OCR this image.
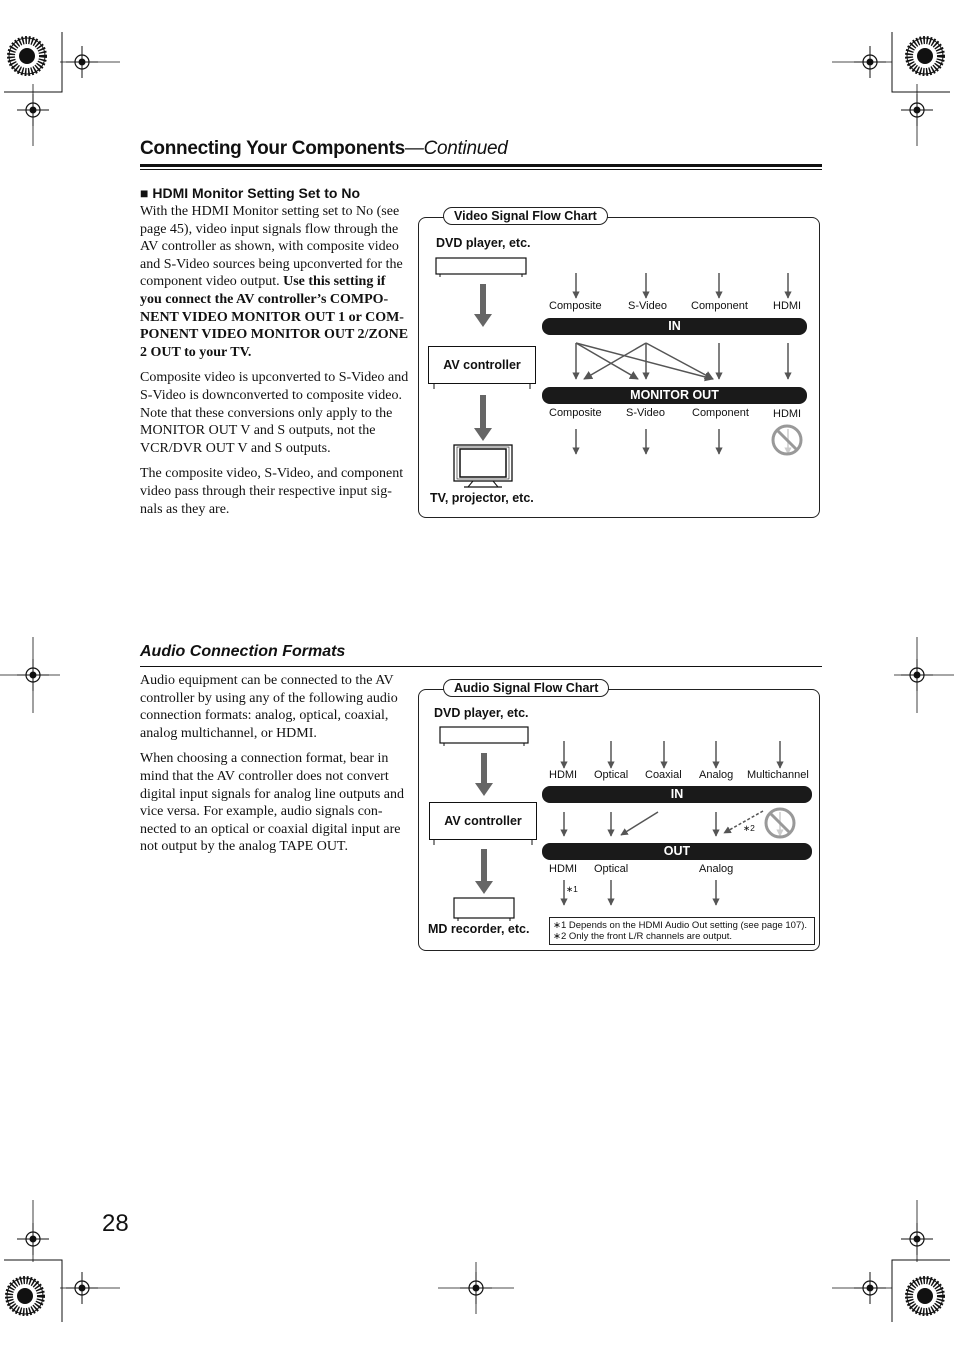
Connecting Your Components—Continued
■ HDMI Monitor Setting Set to No

With the HDMI Monitor setting set to No (see page 45), video input signals flow through the AV controller as shown, with composite video and S-Video sources being upconverted for the component video output. Use this setting if you connect the AV controller’s COMPO-NENT VIDEO MONITOR OUT 1 or COM-PONENT VIDEO MONITOR OUT 2/ZONE 2 OUT to your TV.

Composite video is upconverted to S-Video and S-Video is downconverted to composite video. Note that these conversions only apply to the MONITOR OUT V and S outputs, not the VCR/DVR OUT V and S outputs.

The composite video, S-Video, and component video pass through their respective input sig-nals as they are.

Video Signal Flow Chart
DVD player, etc.
AV controller
TV, projector, etc.
Composite S-Video Component HDMI
IN
MONITOR OUT
Composite S-Video Component HDMI
Audio Connection Formats

Audio equipment can be connected to the AV controller by using any of the following audio connection formats: analog, optical, coaxial, analog multichannel, or HDMI.

When choosing a connection format, bear in mind that the AV controller does not convert digital input signals for analog line outputs and vice versa. For example, audio signals con-nected to an optical or coaxial digital input are not output by the analog TAPE OUT.

Audio Signal Flow Chart
DVD player, etc.
AV controller
MD recorder, etc.
HDMI Optical Coaxial Analog Multichannel
IN
∗2
OUT
HDMI Optical	Analog
∗1
∗1 Depends on the HDMI Audio Out setting (see page 107).
∗2 Only the front L/R channels are output.
28
